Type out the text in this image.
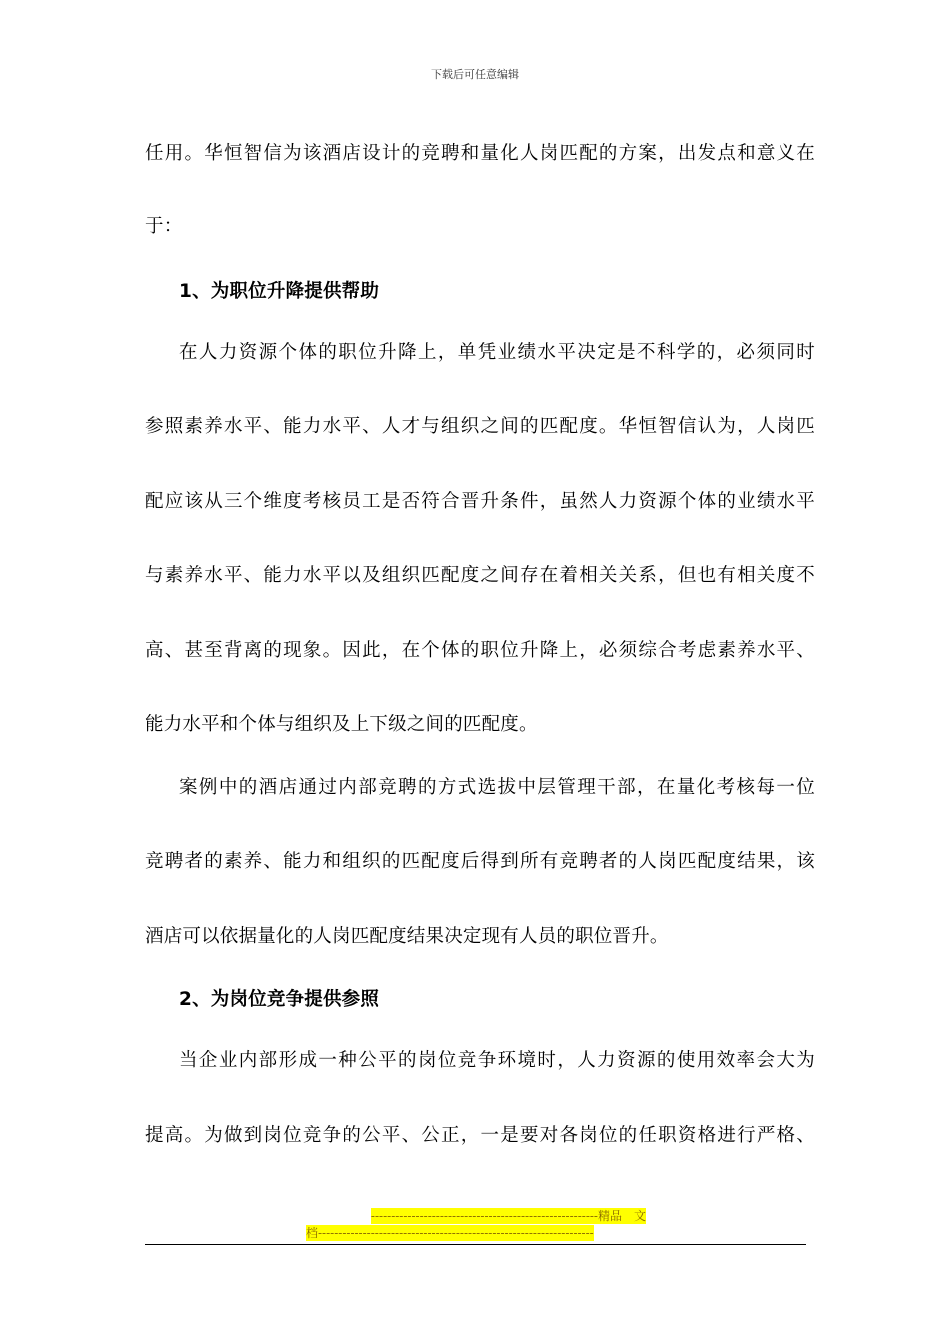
下载后可任意编辑
任用。华恒智信为该酒店设计的竞聘和量化人岗匹配的方案，出发点和意义在
于：
1、为职位升降提供帮助
在人力资源个体的职位升降上，单凭业绩水平决定是不科学的，必须同时
参照素养水平、能力水平、人才与组织之间的匹配度。华恒智信认为，人岗匹
配应该从三个维度考核员工是否符合晋升条件，虽然人力资源个体的业绩水平
与素养水平、能力水平以及组织匹配度之间存在着相关关系，但也有相关度不
高、甚至背离的现象。因此，在个体的职位升降上，必须综合考虑素养水平、
能力水平和个体与组织及上下级之间的匹配度。
案例中的酒店通过内部竞聘的方式选拔中层管理干部，在量化考核每一位
竞聘者的素养、能力和组织的匹配度后得到所有竞聘者的人岗匹配度结果，该
酒店可以依据量化的人岗匹配度结果决定现有人员的职位晋升。
2、为岗位竞争提供参照
当企业内部形成一种公平的岗位竞争环境时，人力资源的使用效率会大为
提高。为做到岗位竞争的公平、公正，一是要对各岗位的任职资格进行严格、
--------------------------------------------------------精品　文
档--------------------------------------------------------------------
